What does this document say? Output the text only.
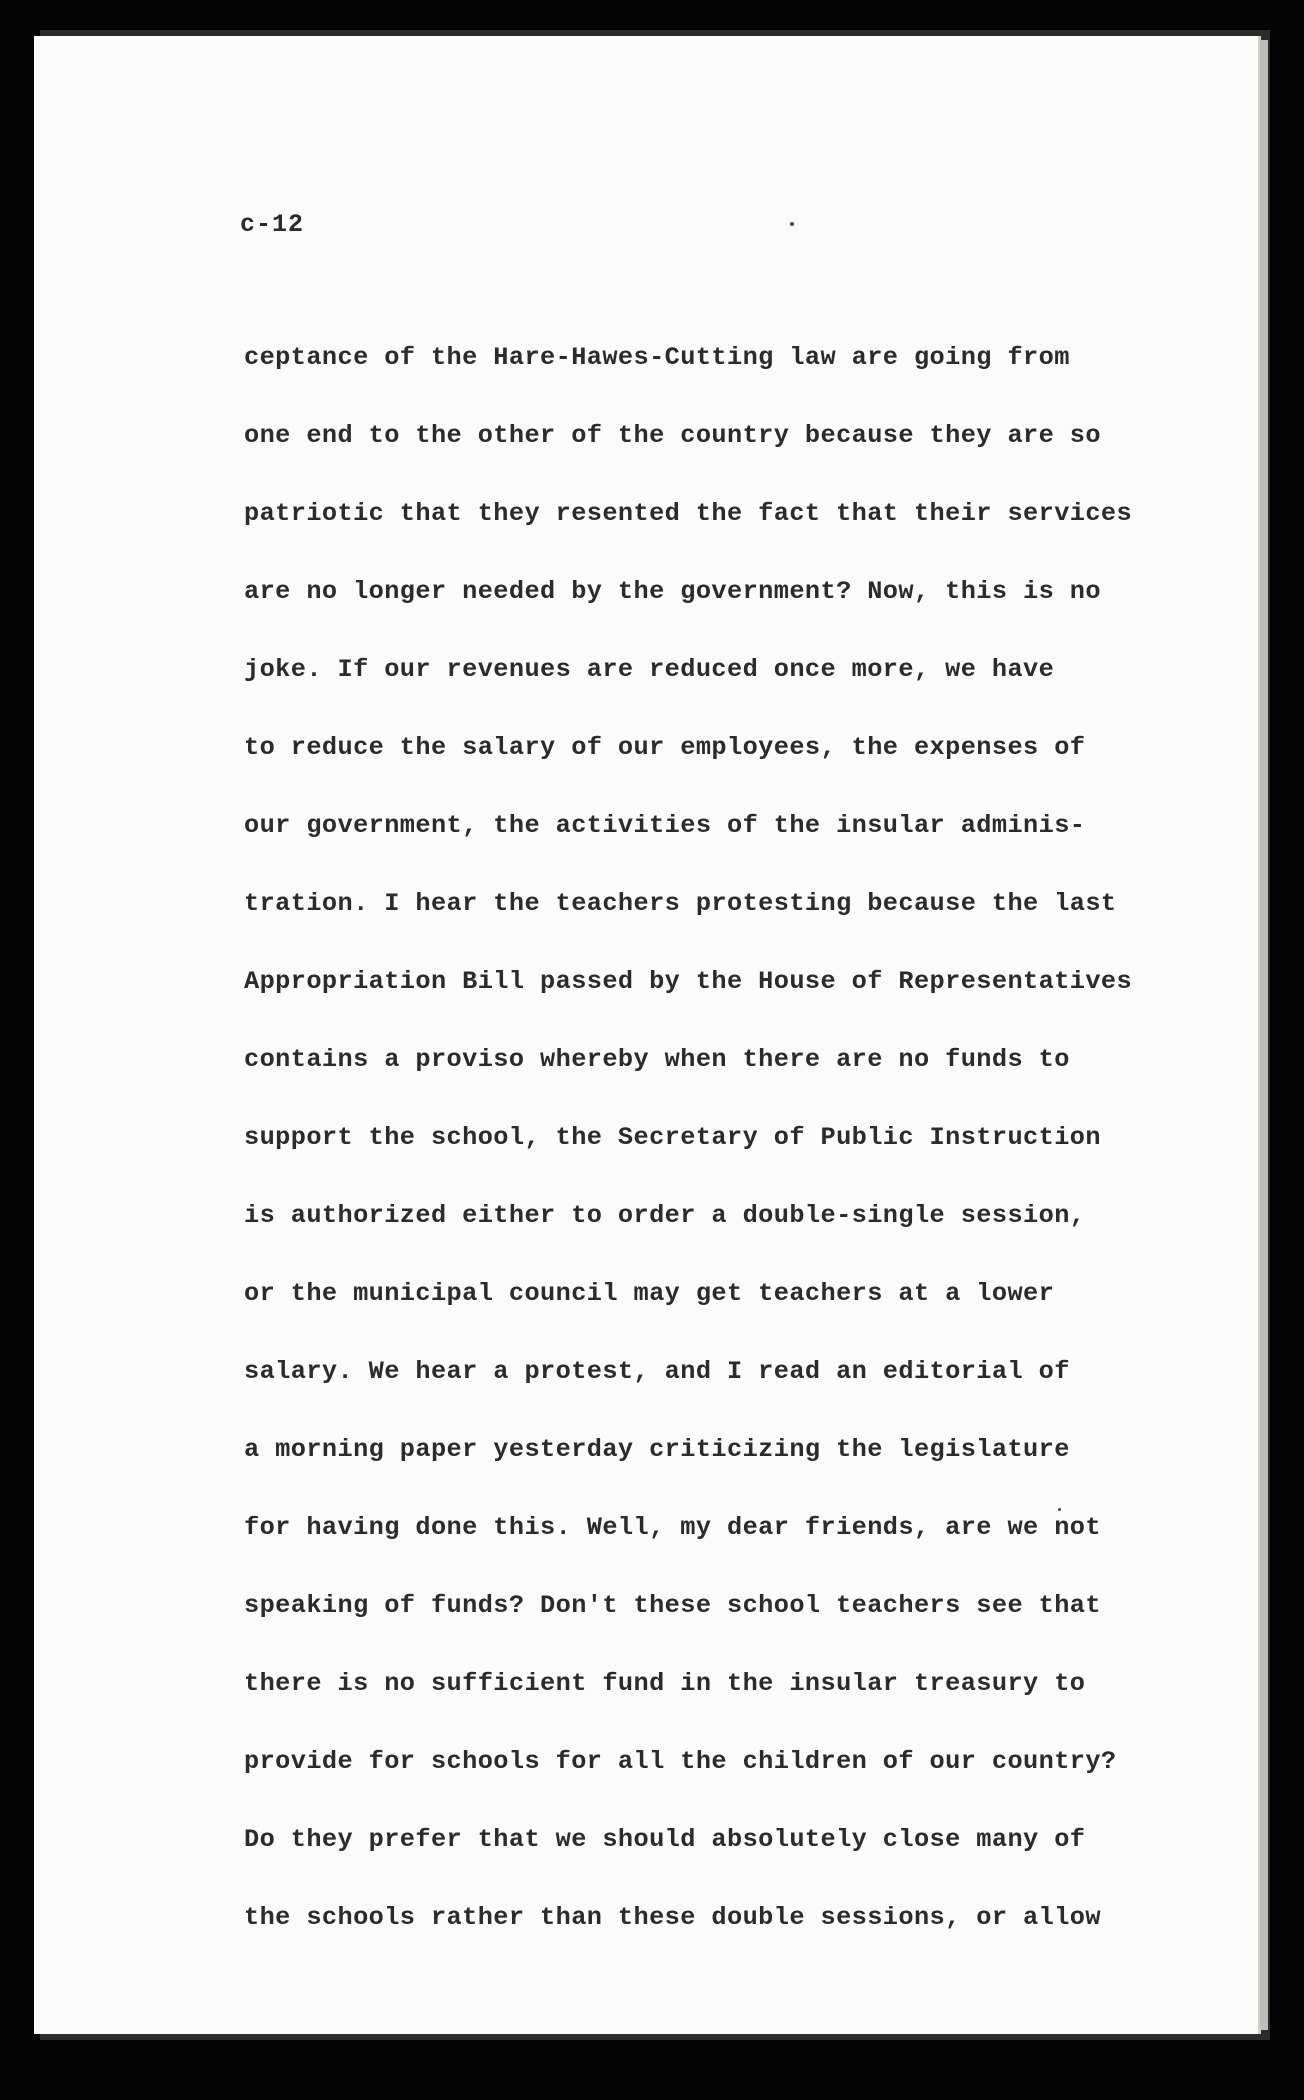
c-12
ceptance of the Hare-Hawes-Cutting law are going from
one end to the other of the country because they are so
patriotic that they resented the fact that their services
are no longer needed by the government? Now, this is no
joke. If our revenues are reduced once more, we have
to reduce the salary of our employees, the expenses of
our government, the activities of the insular adminis-
tration. I hear the teachers protesting because the last
Appropriation Bill passed by the House of Representatives
contains a proviso whereby when there are no funds to
support the school, the Secretary of Public Instruction
is authorized either to order a double-single session,
or the municipal council may get teachers at a lower
salary. We hear a protest, and I read an editorial of
a morning paper yesterday criticizing the legislature
for having done this. Well, my dear friends, are we not
speaking of funds? Don't these school teachers see that
there is no sufficient fund in the insular treasury to
provide for schools for all the children of our country?
Do they prefer that we should absolutely close many of
the schools rather than these double sessions, or allow
